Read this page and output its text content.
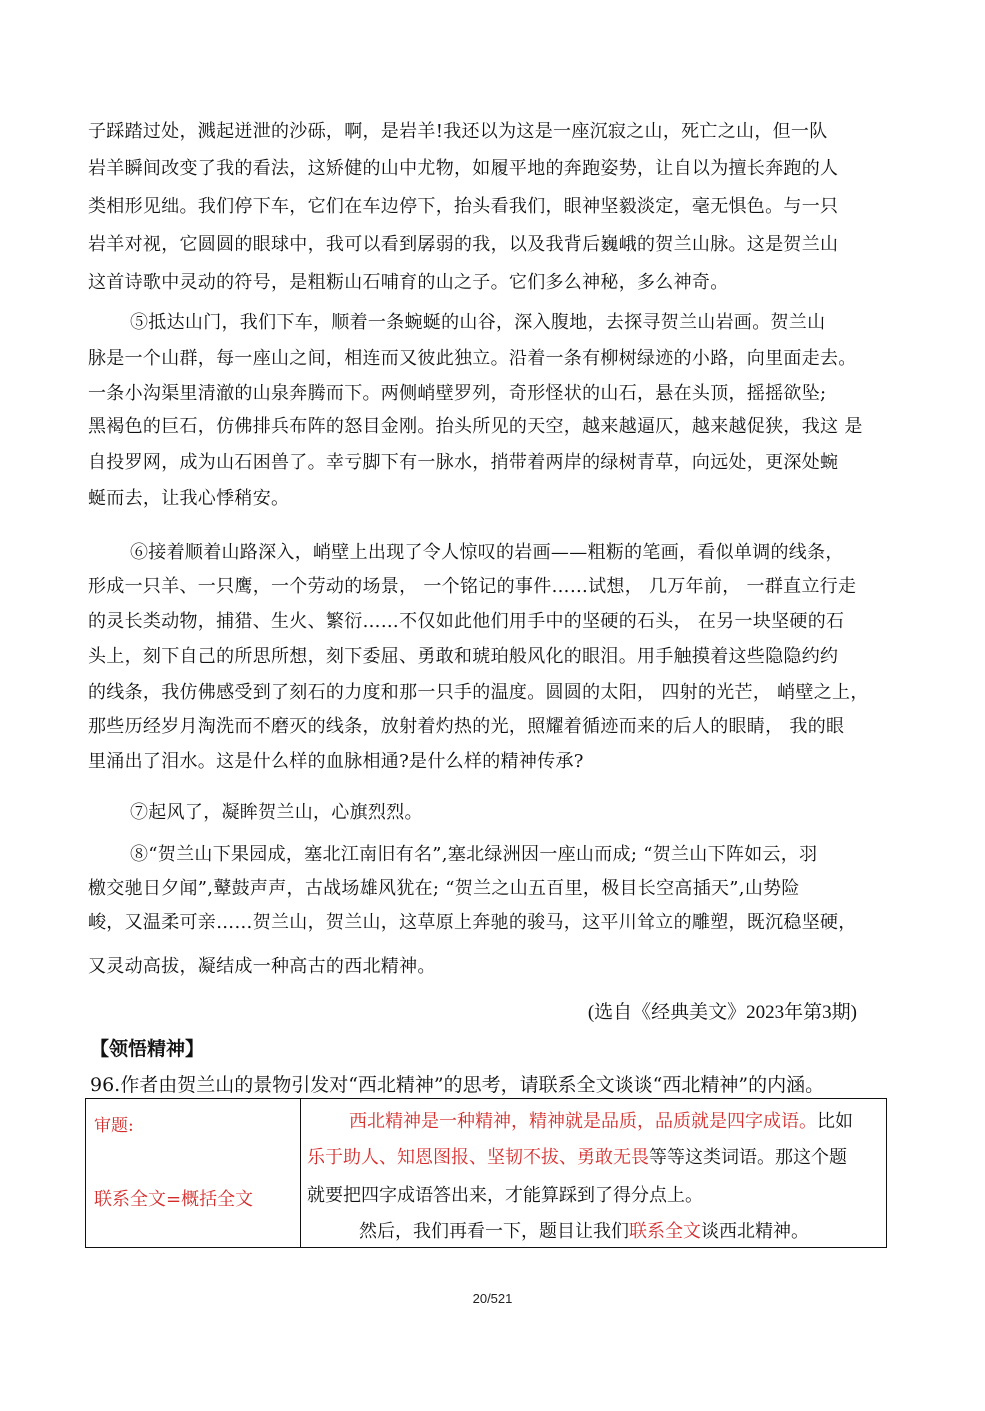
子踩踏过处，溅起迸泄的沙砾，啊，是岩羊!我还以为这是一座沉寂之山，死亡之山，但一队
岩羊瞬间改变了我的看法，这矫健的山中尤物，如履平地的奔跑姿势，让自以为擅长奔跑的人
类相形见绌。我们停下车，它们在车边停下，抬头看我们，眼神坚毅淡定，毫无惧色。与一只
岩羊对视，它圆圆的眼球中，我可以看到孱弱的我，以及我背后巍峨的贺兰山脉。这是贺兰山
这首诗歌中灵动的符号，是粗粝山石哺育的山之子。它们多么神秘，多么神奇。
⑤抵达山门，我们下车，顺着一条蜿蜒的山谷，深入腹地，去探寻贺兰山岩画。贺兰山
脉是一个山群，每一座山之间，相连而又彼此独立。沿着一条有柳树绿迹的小路，向里面走去。
一条小沟渠里清澈的山泉奔腾而下。两侧峭壁罗列，奇形怪状的山石，悬在头顶，摇摇欲坠;
黑褐色的巨石，仿佛排兵布阵的怒目金刚。抬头所见的天空，越来越逼仄，越来越促狭，我这 是
自投罗网，成为山石困兽了。幸亏脚下有一脉水，捎带着两岸的绿树青草，向远处，更深处蜿
蜒而去，让我心悸稍安。
⑥接着顺着山路深入，峭壁上出现了令人惊叹的岩画——粗粝的笔画，看似单调的线条，
形成一只羊、一只鹰，一个劳动的场景， 一个铭记的事件……试想， 几万年前， 一群直立行走
的灵长类动物，捕猎、生火、繁衍……不仅如此他们用手中的坚硬的石头， 在另一块坚硬的石
头上，刻下自己的所思所想，刻下委屈、勇敢和琥珀般风化的眼泪。用手触摸着这些隐隐约约
的线条，我仿佛感受到了刻石的力度和那一只手的温度。圆圆的太阳， 四射的光芒， 峭壁之上，
那些历经岁月淘洗而不磨灭的线条，放射着灼热的光，照耀着循迹而来的后人的眼睛， 我的眼
里涌出了泪水。这是什么样的血脉相通?是什么样的精神传承?
⑦起风了，凝眸贺兰山，心旗烈烈。
⑧“贺兰山下果园成，塞北江南旧有名”,塞北绿洲因一座山而成; “贺兰山下阵如云，羽
檄交驰日夕闻”,鼙鼓声声，古战场雄风犹在; “贺兰之山五百里，极目长空高插天”,山势险
峻，又温柔可亲……贺兰山，贺兰山，这草原上奔驰的骏马，这平川耸立的雕塑，既沉稳坚硬，
又灵动高拔，凝结成一种高古的西北精神。
(选自《经典美文》2023年第3期)
【领悟精神】
96.作者由贺兰山的景物引发对“西北精神”的思考，请联系全文谈谈“西北精神”的内涵。
审题:
联系全文=概括全文
西北精神是一种精神，精神就是品质，品质就是四字成语。比如
乐于助人、知恩图报、坚韧不拔、勇敢无畏等等这类词语。那这个题
就要把四字成语答出来，才能算踩到了得分点上。
然后，我们再看一下，题目让我们联系全文谈西北精神。
20/521
